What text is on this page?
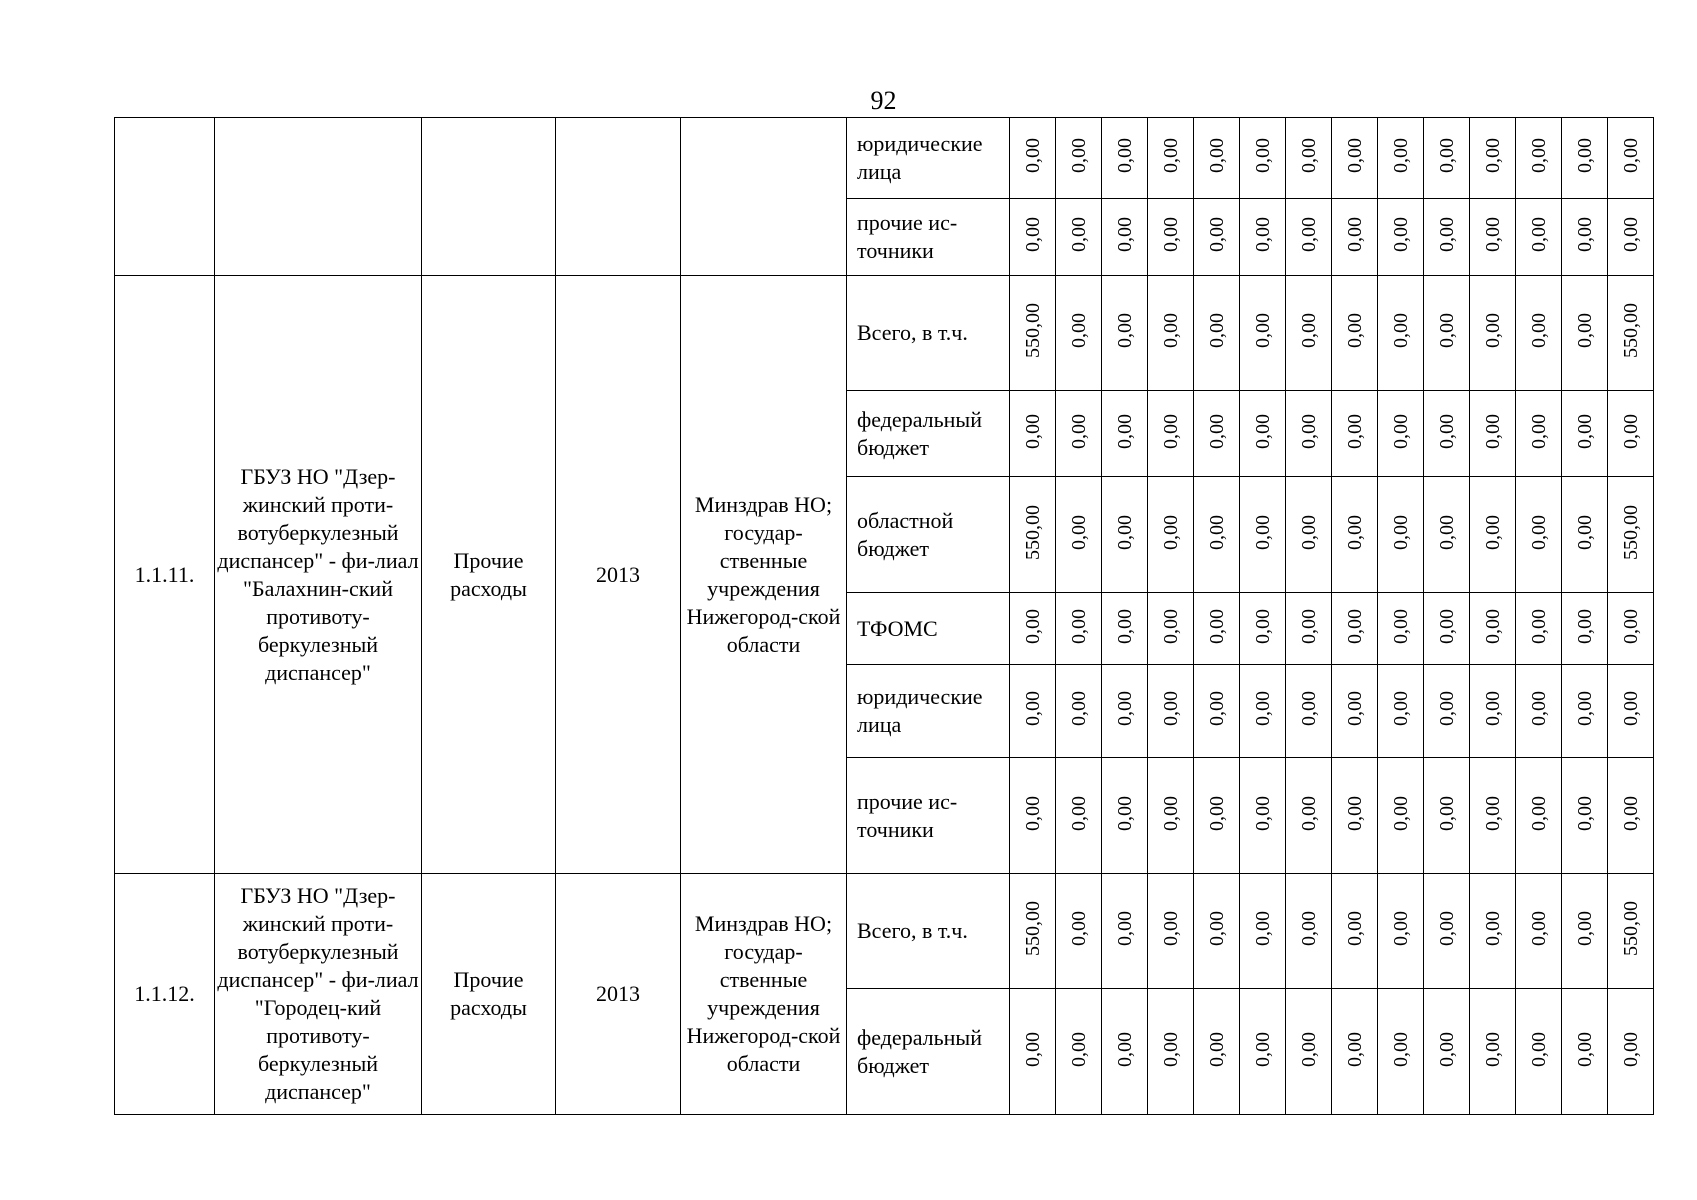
92
					юридические лица	0,00	0,00	0,00	0,00	0,00	0,00	0,00	0,00	0,00	0,00	0,00	0,00	0,00	0,00
					прочие ис-точники	0,00	0,00	0,00	0,00	0,00	0,00	0,00	0,00	0,00	0,00	0,00	0,00	0,00	0,00
1.1.11.	ГБУЗ НО "Дзер-жинский проти-вотуберкулезный диспансер" - фи-лиал "Балахнин-ский противоту-беркулезный диспансер"	Прочие расходы	2013	Минздрав НО; государ-ственные учреждения Нижегород-ской области	Всего, в т.ч.	550,00	0,00	0,00	0,00	0,00	0,00	0,00	0,00	0,00	0,00	0,00	0,00	0,00	550,00
					федеральный бюджет	0,00	0,00	0,00	0,00	0,00	0,00	0,00	0,00	0,00	0,00	0,00	0,00	0,00	0,00
					областной бюджет	550,00	0,00	0,00	0,00	0,00	0,00	0,00	0,00	0,00	0,00	0,00	0,00	0,00	550,00
					ТФОМС	0,00	0,00	0,00	0,00	0,00	0,00	0,00	0,00	0,00	0,00	0,00	0,00	0,00	0,00
					юридические лица	0,00	0,00	0,00	0,00	0,00	0,00	0,00	0,00	0,00	0,00	0,00	0,00	0,00	0,00
					прочие ис-точники	0,00	0,00	0,00	0,00	0,00	0,00	0,00	0,00	0,00	0,00	0,00	0,00	0,00	0,00
1.1.12.	ГБУЗ НО "Дзер-жинский проти-вотуберкулезный диспансер" - фи-лиал "Городец-кий противоту-беркулезный диспансер"	Прочие расходы	2013	Минздрав НО; государ-ственные учреждения Нижегород-ской области	Всего, в т.ч.	550,00	0,00	0,00	0,00	0,00	0,00	0,00	0,00	0,00	0,00	0,00	0,00	0,00	550,00
					федеральный бюджет	0,00	0,00	0,00	0,00	0,00	0,00	0,00	0,00	0,00	0,00	0,00	0,00	0,00	0,00
